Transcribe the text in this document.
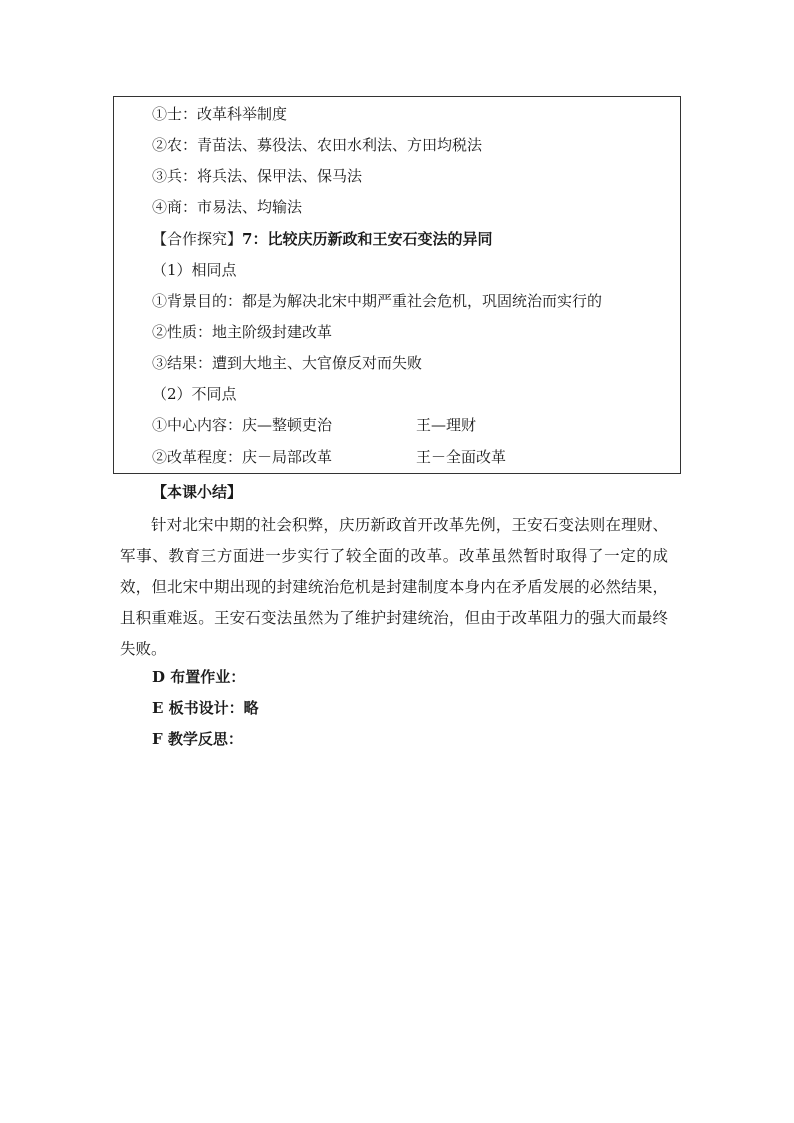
①士：改革科举制度
②农：青苗法、募役法、农田水利法、方田均税法
③兵：将兵法、保甲法、保马法
④商：市易法、均输法
【合作探究】7：比较庆历新政和王安石变法的异同
（1）相同点
①背景目的：都是为解决北宋中期严重社会危机，巩固统治而实行的
②性质：地主阶级封建改革
③结果：遭到大地主、大官僚反对而失败
（2）不同点
①中心内容：庆—整顿吏治	王—理财
②改革程度：庆－局部改革	王－全面改革
【本课小结】

针对北宋中期的社会积弊，庆历新政首开改革先例，王安石变法则在理财、军事、教育三方面进一步实行了较全面的改革。改革虽然暂时取得了一定的成效，但北宋中期出现的封建统治危机是封建制度本身内在矛盾发展的必然结果，且积重难返。王安石变法虽然为了维护封建统治，但由于改革阻力的强大而最终失败。

D 布置作业：
E 板书设计：略
F 教学反思：
